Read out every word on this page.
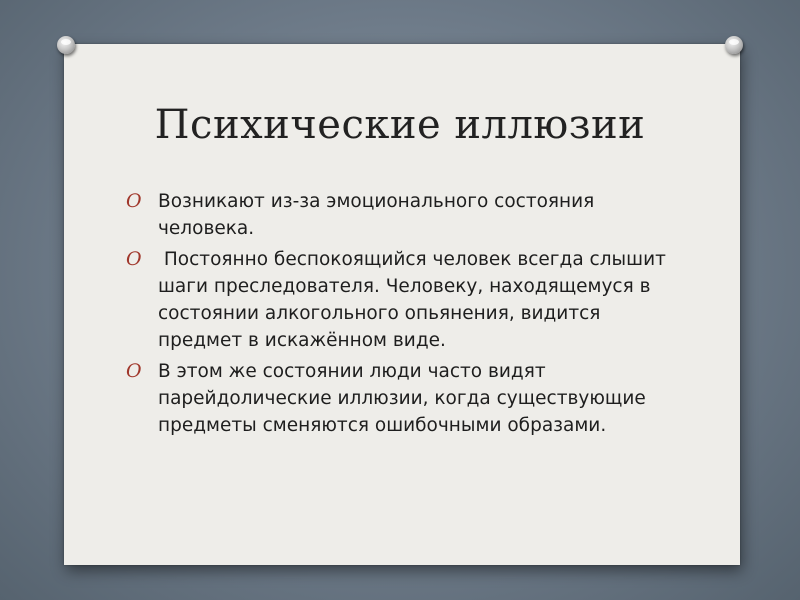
Психические иллюзии
O Возникают из-за эмоционального состояния человека.
O Постоянно беспокоящийся человек всегда слышит шаги преследователя. Человеку, находящемуся в состоянии алкогольного опьянения, видится предмет в искажённом виде.
O В этом же состоянии люди часто видят парейдолические иллюзии, когда существующие предметы сменяются ошибочными образами.
